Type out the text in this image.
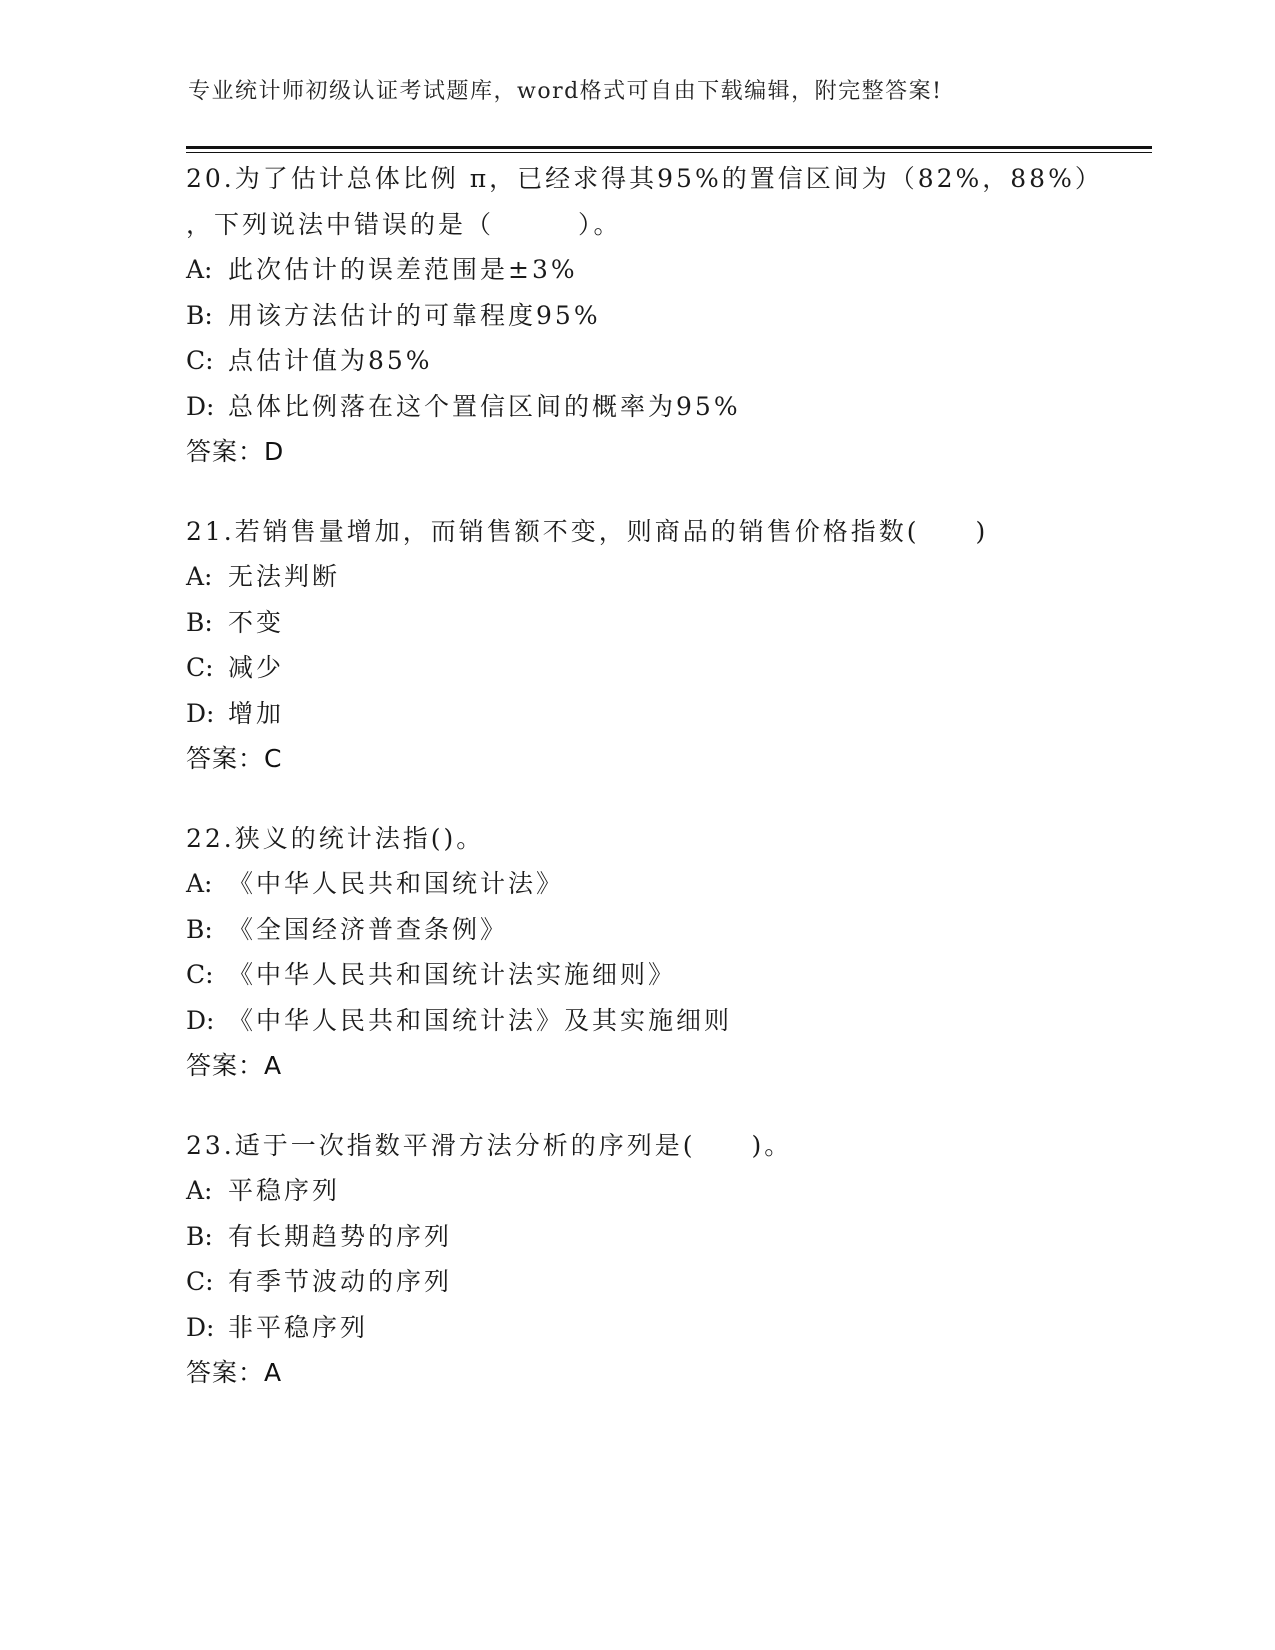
专业统计师初级认证考试题库，word格式可自由下载编辑，附完整答案!
20.为了估计总体比例 π，已经求得其95%的置信区间为（82%，88%）
，下列说法中错误的是（　　　）。
A: 此次估计的误差范围是±3%
B: 用该方法估计的可靠程度95%
C: 点估计值为85%
D: 总体比例落在这个置信区间的概率为95%
答案：D
21.若销售量增加，而销售额不变，则商品的销售价格指数(　　)
A: 无法判断
B: 不变
C: 减少
D: 增加
答案：C
22.狭义的统计法指()。
A: 《中华人民共和国统计法》
B: 《全国经济普查条例》
C: 《中华人民共和国统计法实施细则》
D: 《中华人民共和国统计法》及其实施细则
答案：A
23.适于一次指数平滑方法分析的序列是(　　)。
A: 平稳序列
B: 有长期趋势的序列
C: 有季节波动的序列
D: 非平稳序列
答案：A
